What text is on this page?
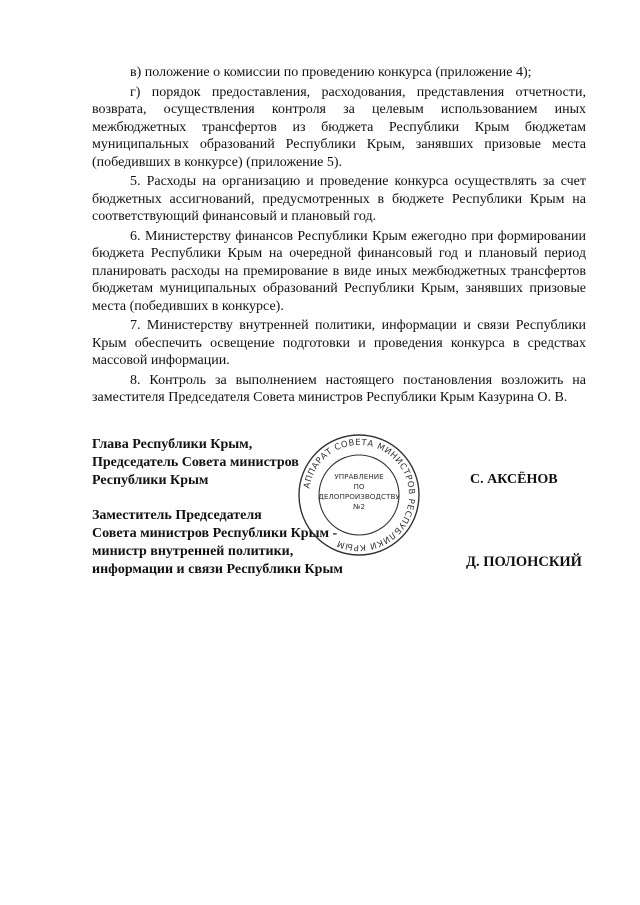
в) положение о комиссии по проведению конкурса (приложение 4);

г) порядок предоставления, расходования, представления отчетности, возврата, осуществления контроля за целевым использованием иных межбюджетных трансфертов из бюджета Республики Крым бюджетам муниципальных образований Республики Крым, занявших призовые места (победивших в конкурсе) (приложение 5).

5. Расходы на организацию и проведение конкурса осуществлять за счет бюджетных ассигнований, предусмотренных в бюджете Республики Крым на соответствующий финансовый и плановый год.

6. Министерству финансов Республики Крым ежегодно при формировании бюджета Республики Крым на очередной финансовый год и плановый период планировать расходы на премирование в виде иных межбюджетных трансфертов бюджетам муниципальных образований Республики Крым, занявших призовые места (победивших в конкурсе).

7. Министерству внутренней политики, информации и связи Республики Крым обеспечить освещение подготовки и проведения конкурса в средствах массовой информации.

8. Контроль за выполнением настоящего постановления возложить на заместителя Председателя Совета министров Республики Крым Казурина О. В.

Глава Республики Крым,
Председатель Совета министров
Республики Крым	С. АКСЁНОВ
Заместитель Председателя
Совета министров Республики Крым -
министр внутренней политики,
информации и связи Республики Крым	Д. ПОЛОНСКИЙ
АППАРАТ СОВЕТА МИНИСТРОВ РЕСПУБЛИКИ КРЫМ
УПРАВЛЕНИЕ
ПО
ДЕЛОПРОИЗВОДСТВУ
№2
